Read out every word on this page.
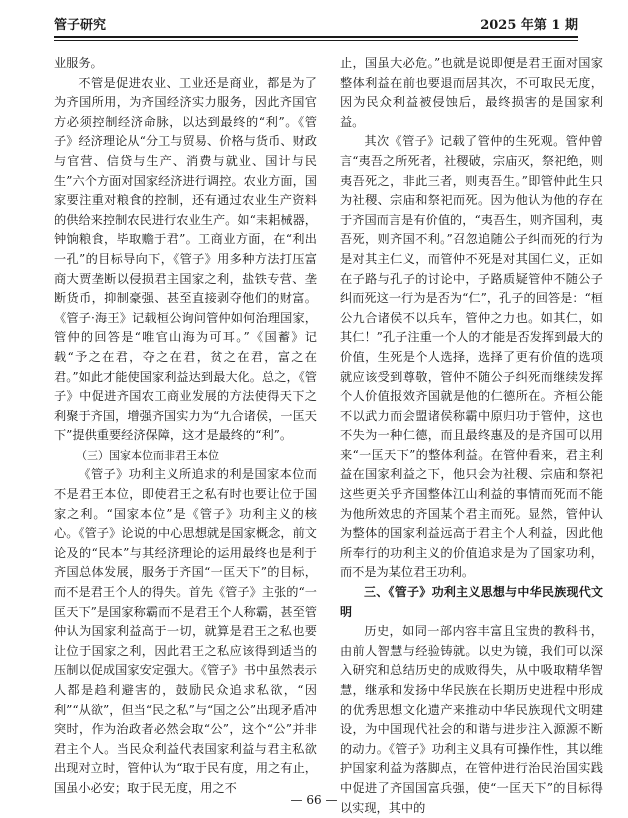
管子研究	2025 年第 1 期

业服务。

不管是促进农业、工业还是商业，都是为了为齐国所用，为齐国经济实力服务，因此齐国官方必须控制经济命脉，以达到最终的“利”。《管子》经济理论从“分工与贸易、价格与货币、财政与官营、信贷与生产、消费与就业、国计与民生”六个方面对国家经济进行调控。农业方面，国家要注重对粮食的控制，还有通过农业生产资料的供给来控制农民进行农业生产。如“耒耜械器，钟饷粮食，毕取赡于君”。工商业方面，在“利出一孔”的目标导向下，《管子》用多种方法打压富商大贾垄断以侵损君主国家之利，盐铁专营、垄断货币，抑制豪强、甚至直接剥夺他们的财富。《管子·海王》记载桓公询问管仲如何治理国家，管仲的回答是“唯官山海为可耳。”《国蓄》记载“予之在君，夺之在君，贫之在君，富之在君。”如此才能使国家利益达到最大化。总之，《管子》中促进齐国农工商业发展的方法使得天下之利聚于齐国，增强齐国实力为“九合诸侯，一匡天下”提供重要经济保障，这才是最终的“利”。

（三）国家本位而非君王本位

《管子》功利主义所追求的利是国家本位而不是君王本位，即使君王之私有时也要让位于国家之利。“国家本位”是《管子》功利主义的核心。《管子》论说的中心思想就是国家概念，前文论及的“民本”与其经济理论的运用最终也是利于齐国总体发展，服务于齐国“一匡天下”的目标，而不是君王个人的得失。首先《管子》主张的“一匡天下”是国家称霸而不是君王个人称霸，甚至管仲认为国家利益高于一切，就算是君王之私也要让位于国家之利，因此君王之私应该得到适当的压制以促成国家安定强大。《管子》书中虽然表示人都是趋利避害的，鼓励民众追求私欲，“因利”“从欲”，但当“民之私”与“国之公”出现矛盾冲突时，作为治政者必然会取“公”，这个“公”并非君主个人。当民众利益代表国家利益与君主私欲出现对立时，管仲认为“取于民有度，用之有止，国虽小必安；取于民无度，用之不

止，国虽大必危。”也就是说即便是君王面对国家整体利益在前也要退而居其次，不可取民无度，因为民众利益被侵蚀后，最终损害的是国家利益。

其次《管子》记载了管仲的生死观。管仲曾言“夷吾之所死者，社稷破，宗庙灭，祭祀绝，则夷吾死之，非此三者，则夷吾生。”即管仲此生只为社稷、宗庙和祭祀而死。因为他认为他的存在于齐国而言是有价值的，“夷吾生，则齐国利，夷吾死，则齐国不利。”召忽追随公子纠而死的行为是对其主仁义，而管仲不死是对其国仁义，正如在子路与孔子的讨论中，子路质疑管仲不随公子纠而死这一行为是否为“仁”，孔子的回答是：“桓公九合诸侯不以兵车，管仲之力也。如其仁，如其仁！”孔子注重一个人的才能是否发挥到最大的价值，生死是个人选择，选择了更有价值的选项就应该受到尊敬，管仲不随公子纠死而继续发挥个人价值报效齐国就是他的仁德所在。齐桓公能不以武力而会盟诸侯称霸中原归功于管仲，这也不失为一种仁德，而且最终惠及的是齐国可以用来“一匡天下”的整体利益。在管仲看来，君主利益在国家利益之下，他只会为社稷、宗庙和祭祀这些更关乎齐国整体江山利益的事情而死而不能为他所效忠的齐国某个君主而死。显然，管仲认为整体的国家利益远高于君主个人利益，因此他所奉行的功利主义的价值追求是为了国家功利，而不是为某位君王功利。

三、《管子》功利主义思想与中华民族现代文明

历史，如同一部内容丰富且宝贵的教科书，由前人智慧与经验铸就。以史为镜，我们可以深入研究和总结历史的成败得失，从中吸取精华智慧，继承和发扬中华民族在长期历史进程中形成的优秀思想文化遗产来推动中华民族现代文明建设，为中国现代社会的和谐与进步注入源源不断的动力。《管子》功利主义具有可操作性，其以维护国家利益为落脚点，在管仲进行治民治国实践中促进了齐国国富兵强，使“一匡天下”的目标得以实现，其中的

— 66 —
